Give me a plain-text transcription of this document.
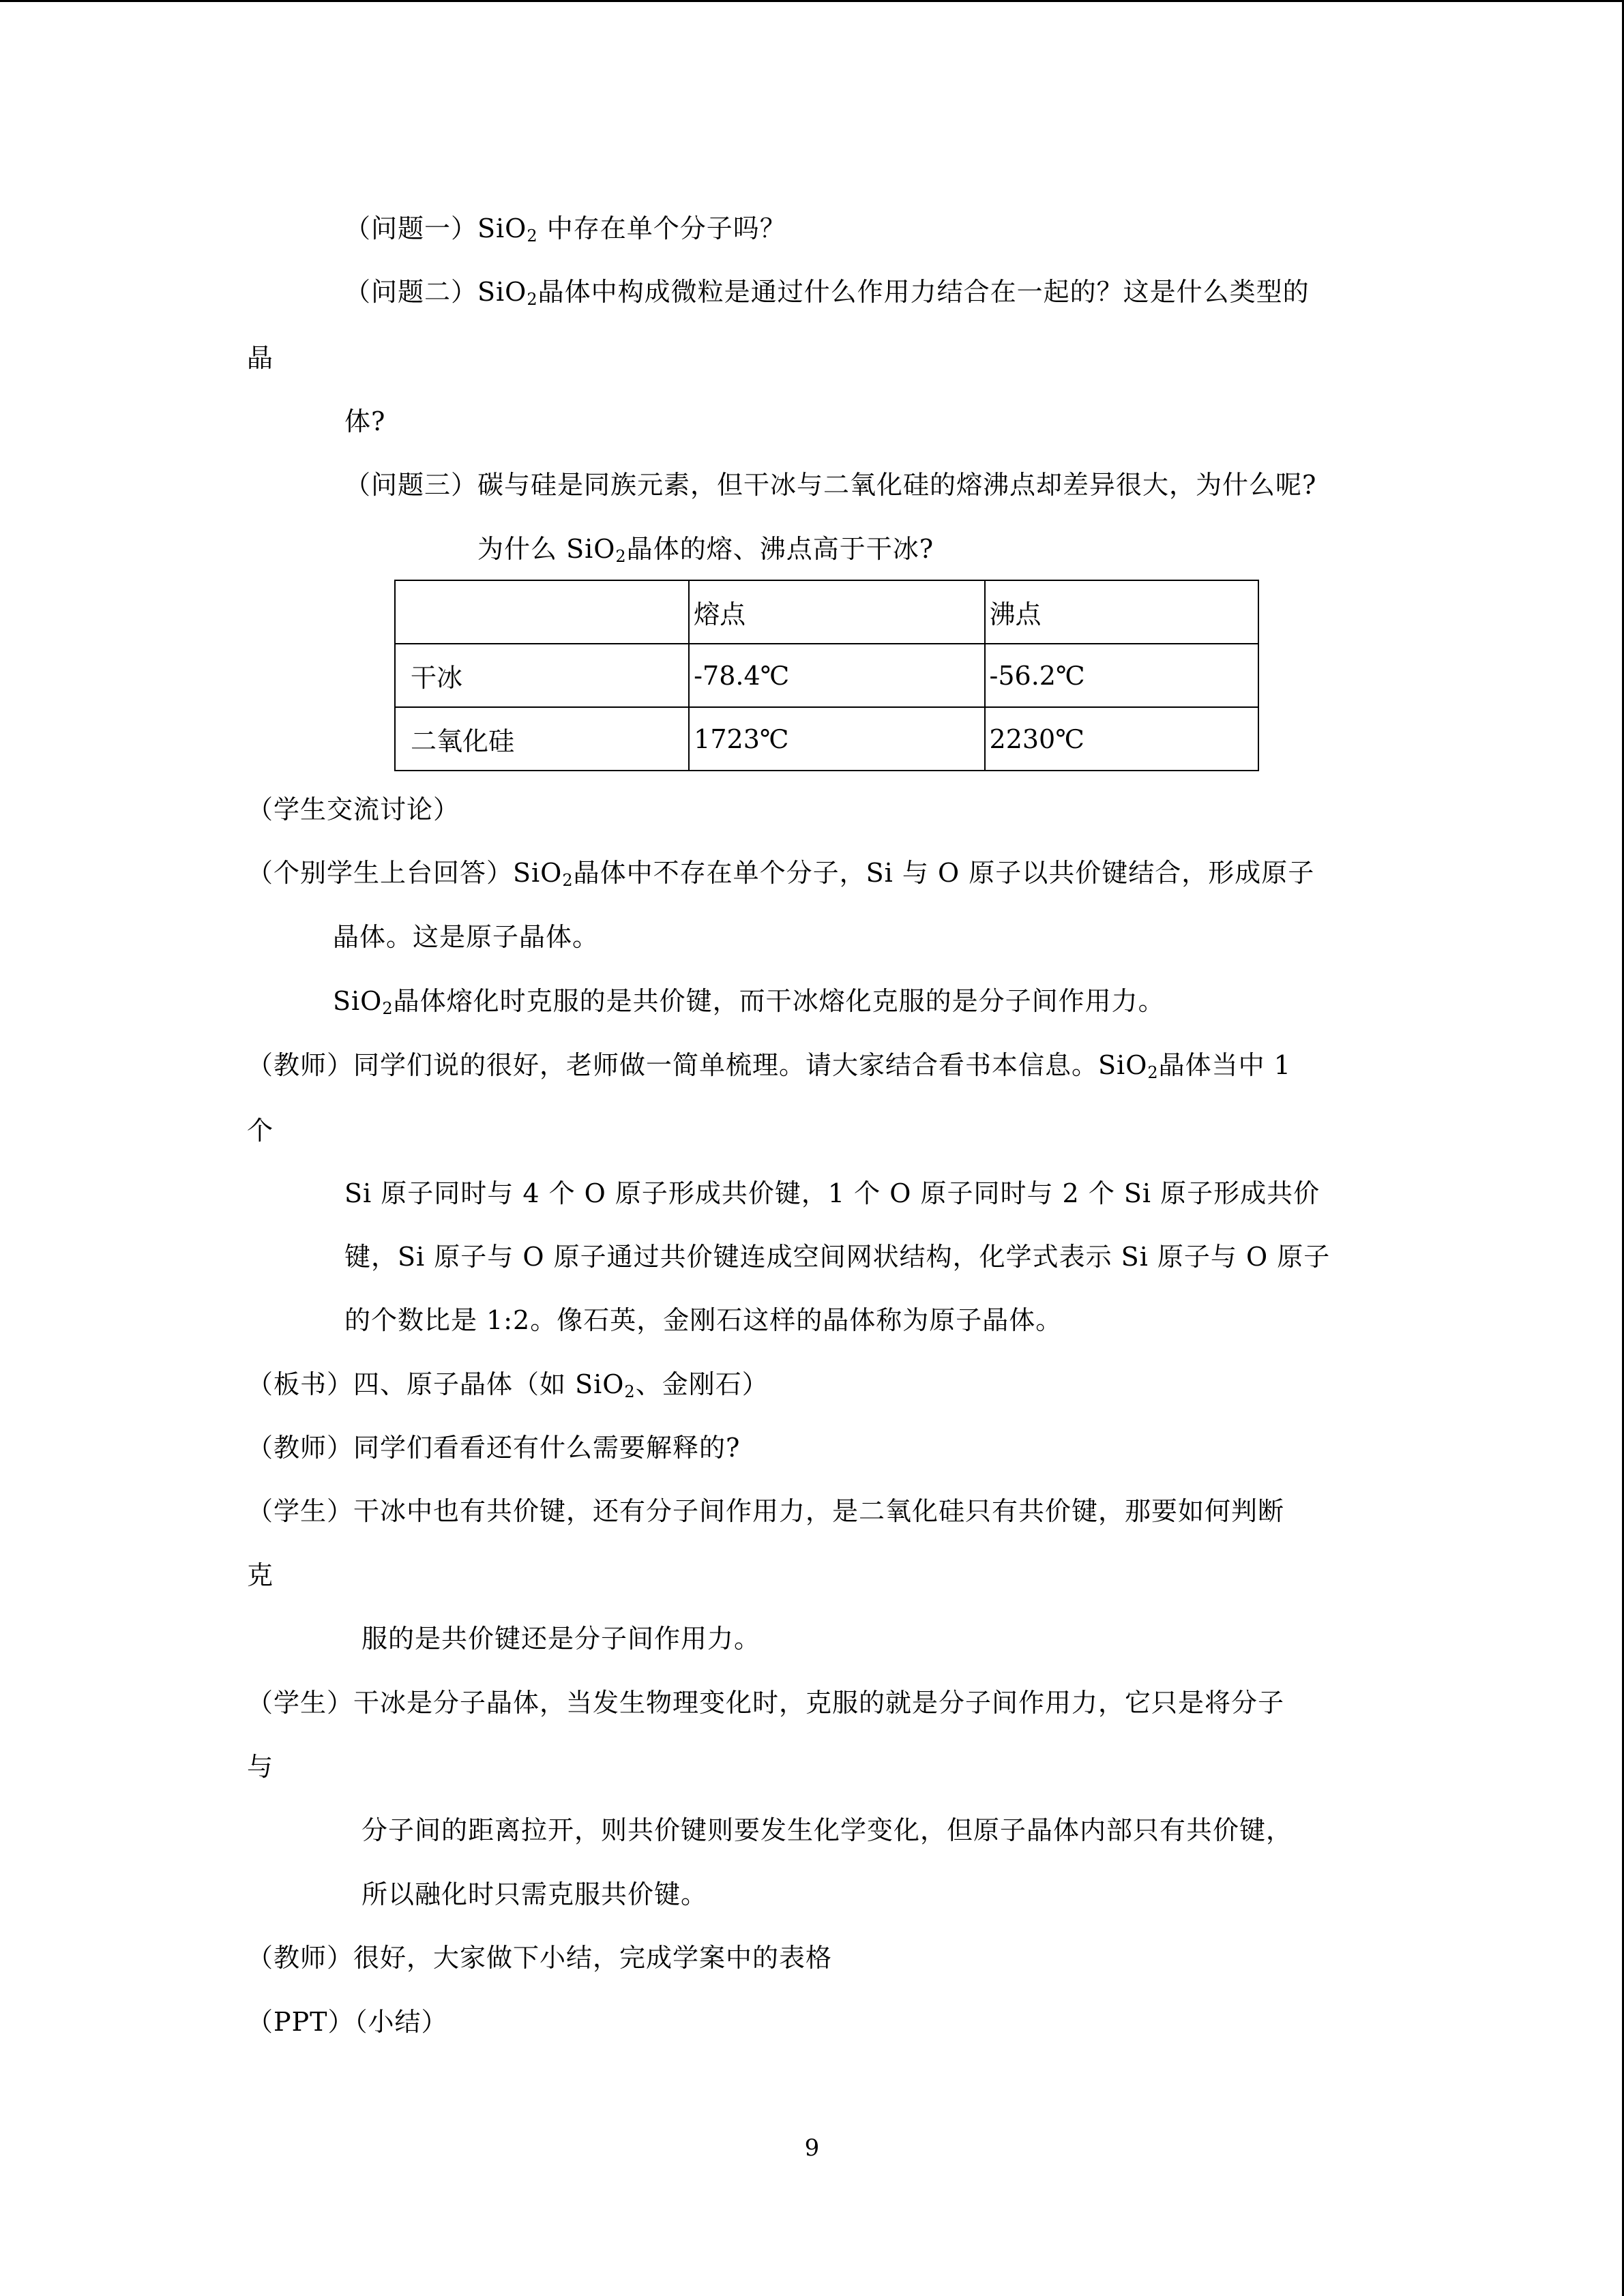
（问题一）SiO$_2$ 中存在单个分子吗？
（问题二）SiO$_2$晶体中构成微粒是通过什么作用力结合在一起的？这是什么类型的
晶
体?
（问题三）碳与硅是同族元素，但干冰与二氧化硅的熔沸点却差异很大，为什么呢?
为什么 SiO$_2$晶体的熔、沸点高于干冰?
	熔点	沸点
干冰	-78.4℃	-56.2℃
二氧化硅	1723℃	2230℃
（学生交流讨论）
（个别学生上台回答）SiO$_2$晶体中不存在单个分子，Si 与 O 原子以共价键结合，形成原子
晶体。这是原子晶体。
SiO$_2$晶体熔化时克服的是共价键，而干冰熔化克服的是分子间作用力。
（教师）同学们说的很好，老师做一简单梳理。请大家结合看书本信息。SiO$_2$晶体当中 1
个
Si 原子同时与 4 个 O 原子形成共价键，1 个 O 原子同时与 2 个 Si 原子形成共价
键，Si 原子与 O 原子通过共价键连成空间网状结构，化学式表示 Si 原子与 O 原子
的个数比是 1:2。像石英，金刚石这样的晶体称为原子晶体。
（板书）四、原子晶体（如 SiO$_2$、金刚石）
（教师）同学们看看还有什么需要解释的?
（学生）干冰中也有共价键，还有分子间作用力，是二氧化硅只有共价键，那要如何判断
克
服的是共价键还是分子间作用力。
（学生）干冰是分子晶体，当发生物理变化时，克服的就是分子间作用力，它只是将分子
与
分子间的距离拉开，则共价键则要发生化学变化，但原子晶体内部只有共价键，
所以融化时只需克服共价键。
（教师）很好，大家做下小结，完成学案中的表格
（PPT）（小结）
9
